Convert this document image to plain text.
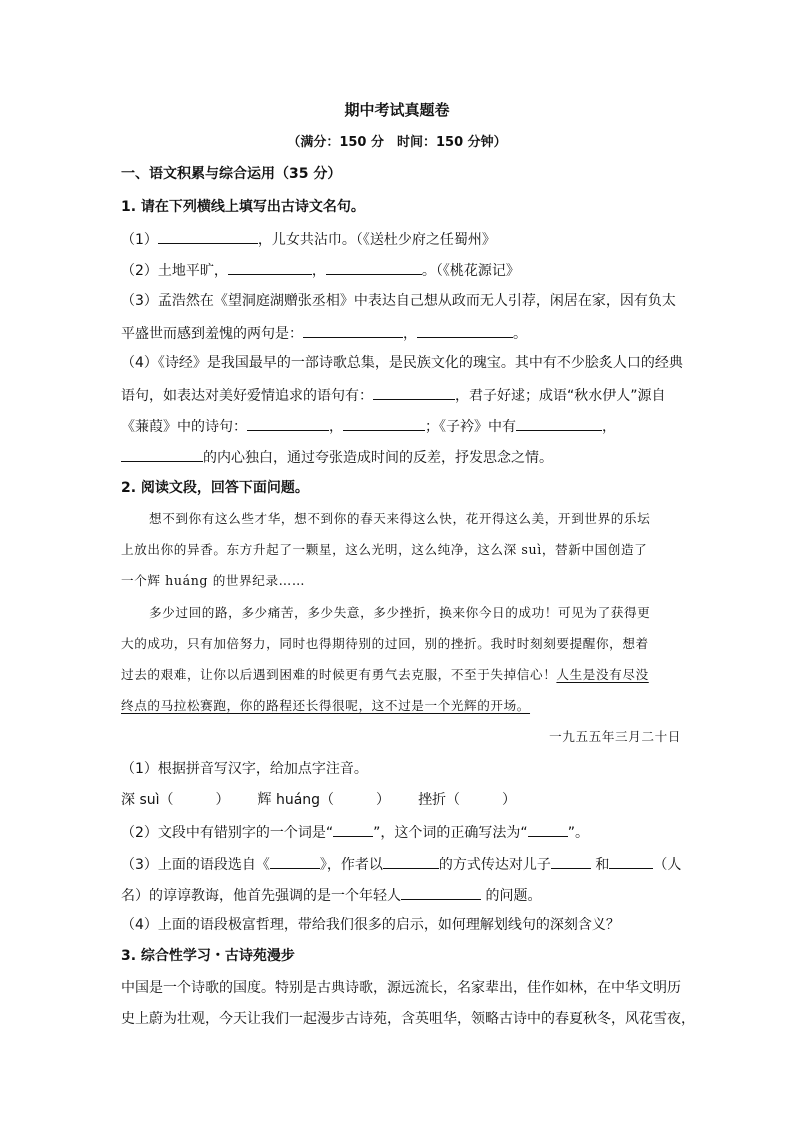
期中考试真题卷
（满分：150 分　时间：150 分钟）
一、语文积累与综合运用（35 分）
1. 请在下列横线上填写出古诗文名句。
（1）	，儿女共沾巾。（《送杜少府之任蜀州》
（2）土地平旷，	，	。（《桃花源记》
（3）孟浩然在《望洞庭湖赠张丞相》中表达自己想从政而无人引荐，闲居在家，因有负太
平盛世而感到羞愧的两句是：	，	。
（4）《诗经》是我国最早的一部诗歌总集，是民族文化的瑰宝。其中有不少脍炙人口的经典
语句，如表达对美好爱情追求的语句有：	，君子好逑；成语“秋水伊人”源自
《蒹葭》中的诗句：	，	；《子衿》中有	，
的内心独白，通过夸张造成时间的反差，抒发思念之情。
2. 阅读文段，回答下面问题。
想不到你有这么些才华，想不到你的春天来得这么快，花开得这么美，开到世界的乐坛
上放出你的异香。东方升起了一颗星，这么光明，这么纯净，这么深 suì，替新中国创造了
一个辉 huáng 的世界纪录……
多少过回的路，多少痛苦，多少失意，多少挫折，换来你今日的成功！可见为了获得更
大的成功，只有加倍努力，同时也得期待别的过回，别的挫折。我时时刻刻要提醒你，想着
过去的艰难，让你以后遇到困难的时候更有勇气去克服，不至于失掉信心！人生是没有尽没
终点的马拉松赛跑，你的路程还长得很呢，这不过是一个光辉的开场。
一九五五年三月二十日
（1）根据拼音写汉字，给加点字注音。
深 suì（　　　） 辉 huáng（　　　） 挫折（　　　）
（2）文段中有错别字的一个词是“	”，这个词的正确写法为“	”。
（3）上面的语段选自《	》，作者以	的方式传达对儿子	和	（人
名）的谆谆教诲，他首先强调的是一个年轻人	的问题。
（4）上面的语段极富哲理，带给我们很多的启示，如何理解划线句的深刻含义？
3. 综合性学习・古诗苑漫步
中国是一个诗歌的国度。特别是古典诗歌，源远流长，名家辈出，佳作如林，在中华文明历
史上蔚为壮观，今天让我们一起漫步古诗苑，含英咀华，领略古诗中的春夏秋冬，风花雪夜，
